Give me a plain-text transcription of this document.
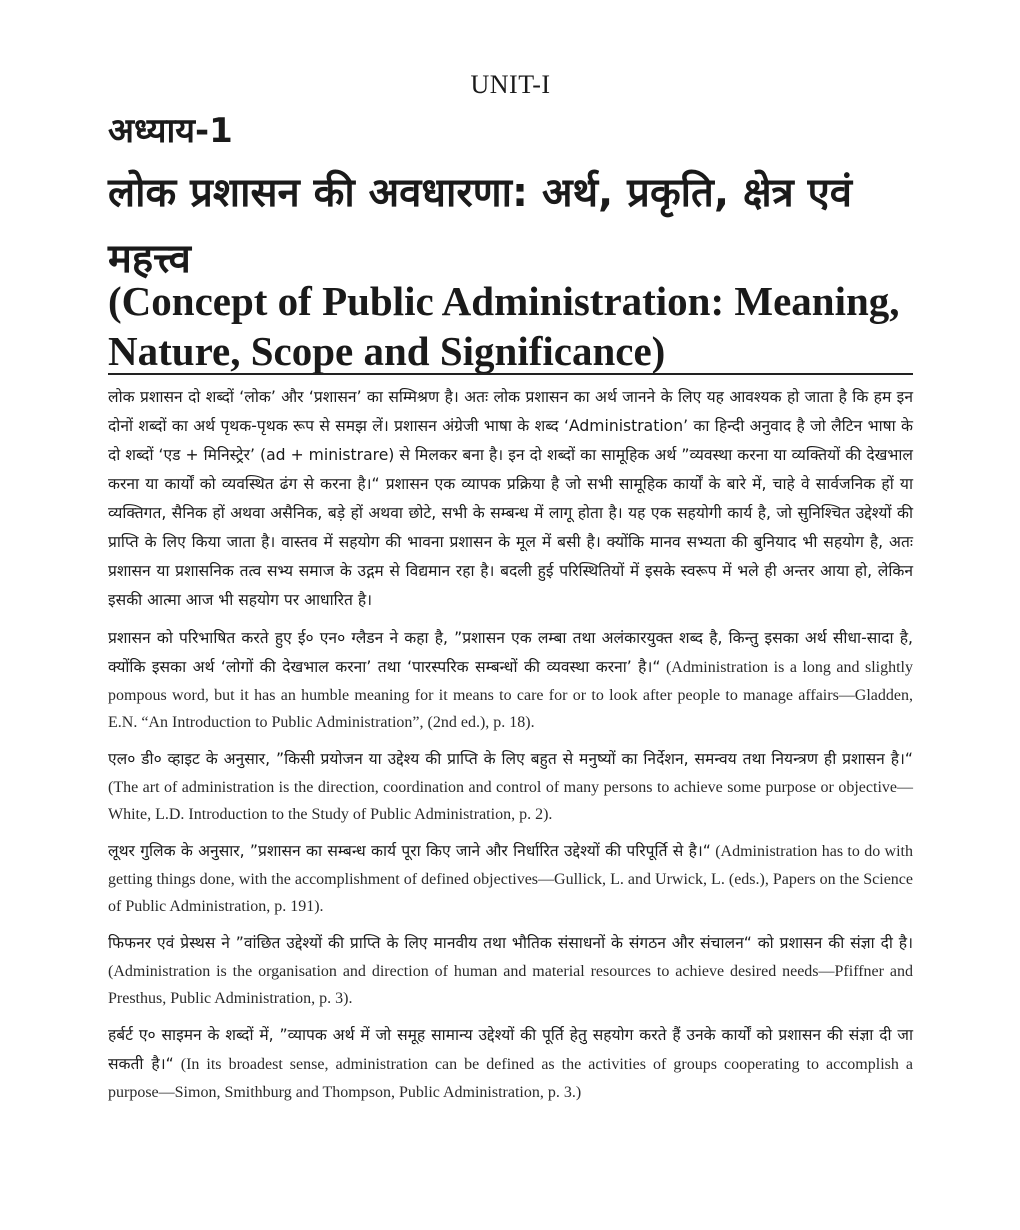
UNIT-I
अध्याय-1
लोक प्रशासन की अवधारणा: अर्थ, प्रकृति, क्षेत्र एवं महत्त्व
(Concept of Public Administration: Meaning, Nature, Scope and Significance)

लोक प्रशासन दो शब्दों ‘लोक’ और ‘प्रशासन’ का सम्मिश्रण है। अतः लोक प्रशासन का अर्थ जानने के लिए यह आवश्यक हो जाता है कि हम इन दोनों शब्दों का अर्थ पृथक-पृथक रूप से समझ लें। प्रशासन अंग्रेजी भाषा के शब्द ‘Administration’ का हिन्दी अनुवाद है जो लैटिन भाषा के दो शब्दों ‘एड + मिनिस्ट्रेर’ (ad + ministrare) से मिलकर बना है। इन दो शब्दों का सामूहिक अर्थ ”व्यवस्था करना या व्यक्तियों की देखभाल करना या कार्यों को व्यवस्थित ढंग से करना है।“ प्रशासन एक व्यापक प्रक्रिया है जो सभी सामूहिक कार्यों के बारे में, चाहे वे सार्वजनिक हों या व्यक्तिगत, सैनिक हों अथवा असैनिक, बड़े हों अथवा छोटे, सभी के सम्बन्ध में लागू होता है। यह एक सहयोगी कार्य है, जो सुनिश्चित उद्देश्यों की प्राप्ति के लिए किया जाता है। वास्तव में सहयोग की भावना प्रशासन के मूल में बसी है। क्योंकि मानव सभ्यता की बुनियाद भी सहयोग है, अतः प्रशासन या प्रशासनिक तत्व सभ्य समाज के उद्गम से विद्यमान रहा है। बदली हुई परिस्थितियों में इसके स्वरूप में भले ही अन्तर आया हो, लेकिन इसकी आत्मा आज भी सहयोग पर आधारित है।

प्रशासन को परिभाषित करते हुए ई० एन० ग्लैडन ने कहा है, ”प्रशासन एक लम्बा तथा अलंकारयुक्त शब्द है, किन्तु इसका अर्थ सीधा-सादा है, क्योंकि इसका अर्थ ‘लोगों की देखभाल करना’ तथा ‘पारस्परिक सम्बन्धों की व्यवस्था करना’ है।“ (Administration is a long and slightly pompous word, but it has an humble meaning for it means to care for or to look after people to manage affairs—Gladden, E.N. “An Introduction to Public Administration”, (2nd ed.), p. 18).

एल० डी० व्हाइट के अनुसार, ”किसी प्रयोजन या उद्देश्य की प्राप्ति के लिए बहुत से मनुष्यों का निर्देशन, समन्वय तथा नियन्त्रण ही प्रशासन है।“ (The art of administration is the direction, coordination and control of many persons to achieve some purpose or objective—White, L.D. Introduction to the Study of Public Administration, p. 2).

लूथर गुलिक के अनुसार, ”प्रशासन का सम्बन्ध कार्य पूरा किए जाने और निर्धारित उद्देश्यों की परिपूर्ति से है।“ (Administration has to do with getting things done, with the accomplishment of defined objectives—Gullick, L. and Urwick, L. (eds.), Papers on the Science of Public Administration, p. 191).

फिफनर एवं प्रेस्थस ने ”वांछित उद्देश्यों की प्राप्ति के लिए मानवीय तथा भौतिक संसाधनों के संगठन और संचालन“ को प्रशासन की संज्ञा दी है। (Administration is the organisation and direction of human and material resources to achieve desired needs—Pfiffner and Presthus, Public Administration, p. 3).

हर्बर्ट ए० साइमन के शब्दों में, ”व्यापक अर्थ में जो समूह सामान्य उद्देश्यों की पूर्ति हेतु सहयोग करते हैं उनके कार्यों को प्रशासन की संज्ञा दी जा सकती है।“ (In its broadest sense, administration can be defined as the activities of groups cooperating to accomplish a purpose—Simon, Smithburg and Thompson, Public Administration, p. 3.)
